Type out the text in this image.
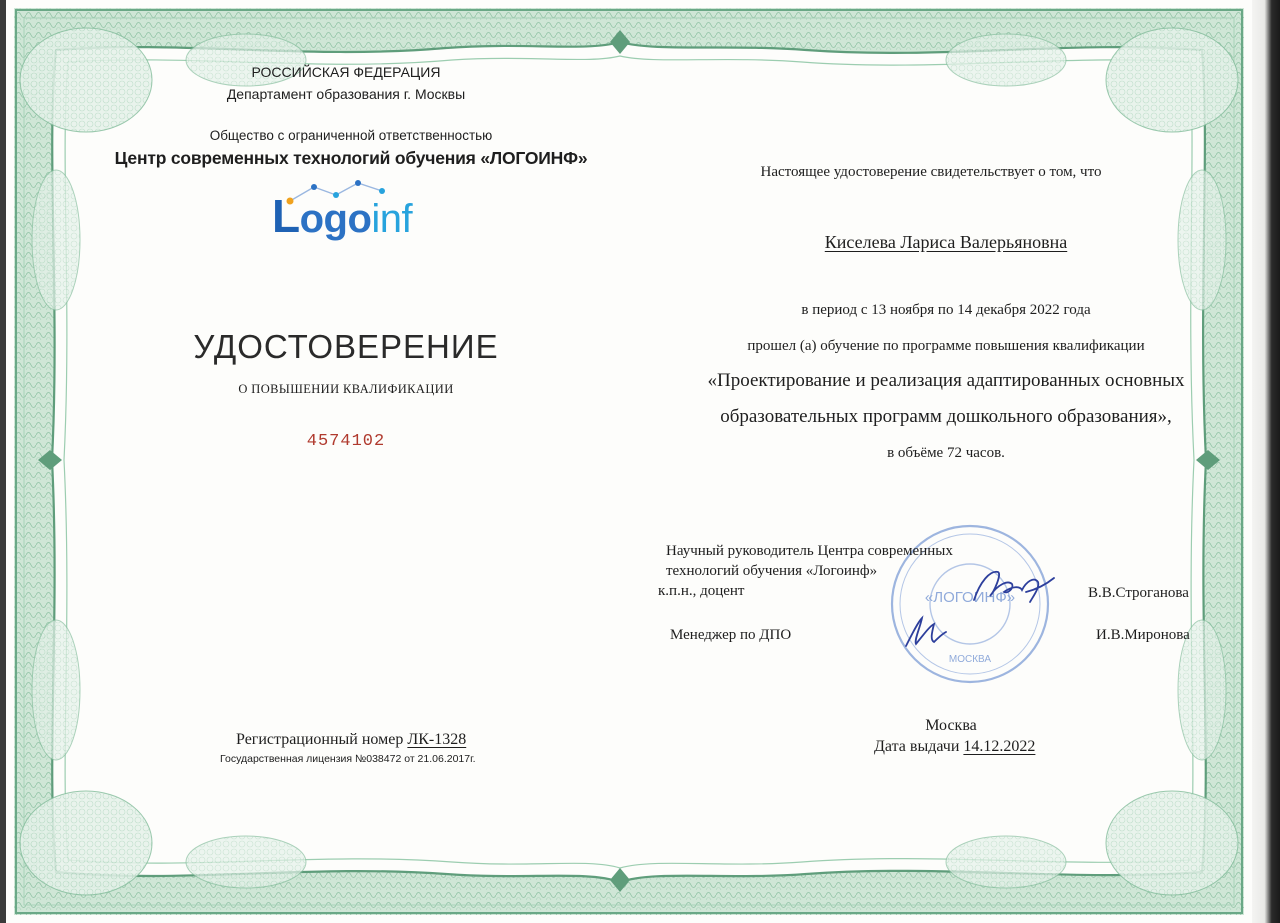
РОССИЙСКАЯ ФЕДЕРАЦИЯ
Департамент образования г. Москвы
Общество с ограниченной ответственностью
Центр современных технологий обучения «ЛОГОИНФ»
Logoinf
УДОСТОВЕРЕНИЕ
О ПОВЫШЕНИИ КВАЛИФИКАЦИИ
4574102
Настоящее удостоверение свидетельствует о том, что
Киселева Лариса Валерьяновна
в период с 13 ноября по 14 декабря 2022 года
прошел (а) обучение по программе повышения квалификации
«Проектирование и реализация адаптированных основных
образовательных программ дошкольного образования»,
в объёме 72 часов.
«ЛОГОИНФ»
МОСКВА
Научный руководитель Центра современных
технологий обучения «Логоинф»
к.п.н., доцент	В.В.Строганова
Менеджер по ДПО	И.В.Миронова
Регистрационный номер ЛК-1328
Государственная лицензия №038472 от 21.06.2017г.
Москва
Дата выдачи 14.12.2022
